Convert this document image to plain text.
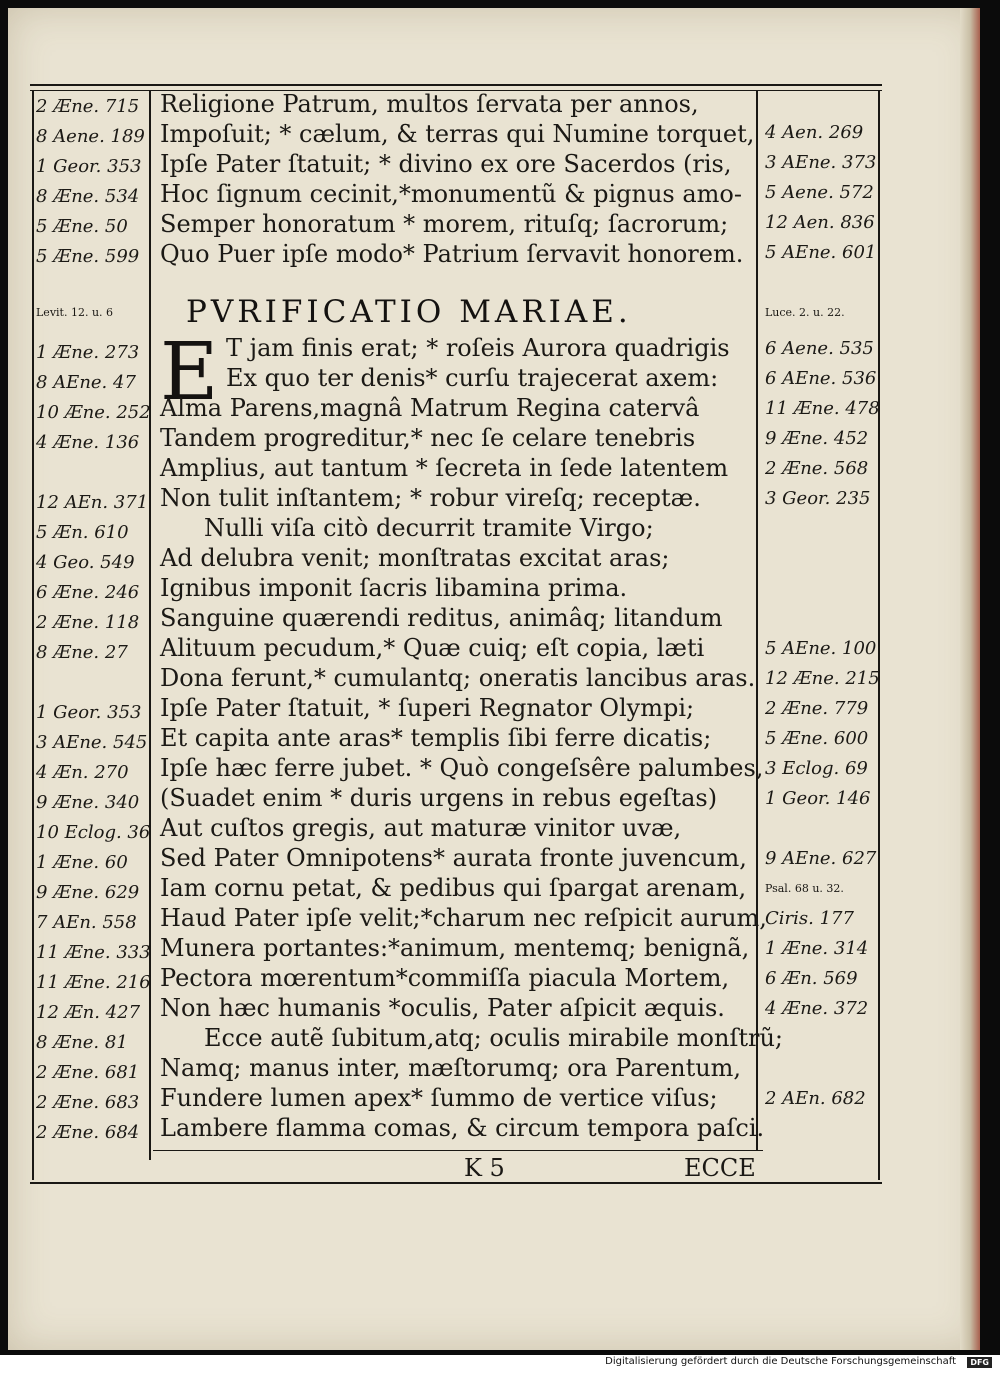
Religione Patrum, multos ſervata per annos,
Impoſuit; * cælum, & terras qui Numine torquet,
Ipſe Pater ſtatuit; * divino ex ore Sacerdos (ris,
Hoc ſignum cecinit,*monumentũ & pignus amo-
Semper honoratum * morem, rituſq; ſacrorum;
Quo Puer ipſe modo* Patrium ſervavit honorem.
PVRIFICATIO MARIAE.
E T jam finis erat; * roſeis Aurora quadrigis
Ex quo ter denis* curſu trajecerat axem:
Alma Parens,magnâ Matrum Regina catervâ
Tandem progreditur,* nec ſe celare tenebris
Amplius, aut tantum * ſecreta in ſede latentem
Non tulit inſtantem; * robur vireſq; receptæ.
Nulli viſa citò decurrit tramite Virgo;
Ad delubra venit; monſtratas excitat aras;
Ignibus imponit ſacris libamina prima.
Sanguine quærendi reditus, animâq; litandum
Alituum pecudum,* Quæ cuiq; eſt copia, læti
Dona ferunt,* cumulantq; oneratis lancibus aras.
Ipſe Pater ſtatuit, * ſuperi Regnator Olympi;
Et capita ante aras* templis ſibi ferre dicatis;
Ipſe hæc ferre jubet. * Quò congeſsêre palumbes,
(Suadet enim * duris urgens in rebus egeſtas)
Aut cuſtos gregis, aut maturæ vinitor uvæ,
Sed Pater Omnipotens* aurata fronte juvencum,
Iam cornu petat, & pedibus qui ſpargat arenam,
Haud Pater ipſe velit;*charum nec reſpicit aurum,
Munera portantes:*animum, mentemq; benignã,
Pectora mœrentum*commiſſa piacula Mortem,
Non hæc humanis *oculis, Pater aſpicit æquis.
Ecce autẽ ſubitum,atq; oculis mirabile monſtrũ;
Namq; manus inter, mæſtorumq; ora Parentum,
Fundere lumen apex* ſummo de vertice viſus;
Lambere flamma comas, & circum tempora paſci.
2 Æne. 715
8 Aene. 189
1 Geor. 353
8 Æne. 534
5 Æne. 50
5 Æne. 599
Levit. 12. u. 6
1 Æne. 273
8 AEne. 47
10 Æne. 252
4 Æne. 136
12 AEn. 371
5 Æn. 610
4 Geo. 549
6 Æne. 246
2 Æne. 118
8 Æne. 27
1 Geor. 353
3 AEne. 545
4 Æn. 270
9 Æne. 340
10 Eclog. 36
1 Æne. 60
9 Æne. 629
7 AEn. 558
11 Æne. 333
11 Æne. 216
12 Æn. 427
8 Æne. 81
2 Æne. 681
2 Æne. 683
2 Æne. 684
4 Aen. 269
3 AEne. 373
5 Aene. 572
12 Aen. 836
5 AEne. 601
Luce. 2. u. 22.
6 Aene. 535
6 AEne. 536
11 Æne. 478
9 Æne. 452
2 Æne. 568
3 Geor. 235
5 AEne. 100
12 Æne. 215
2 Æne. 779
5 Æne. 600
3 Eclog. 69
1 Geor. 146
9 AEne. 627
Psal. 68 u. 32.
Ciris. 177
1 Æne. 314
6 Æn. 569
4 Æne. 372
2 AEn. 682
K 5	ECCE
Digitalisierung gefördert durch die Deutsche Forschungsgemeinschaft	DFG
